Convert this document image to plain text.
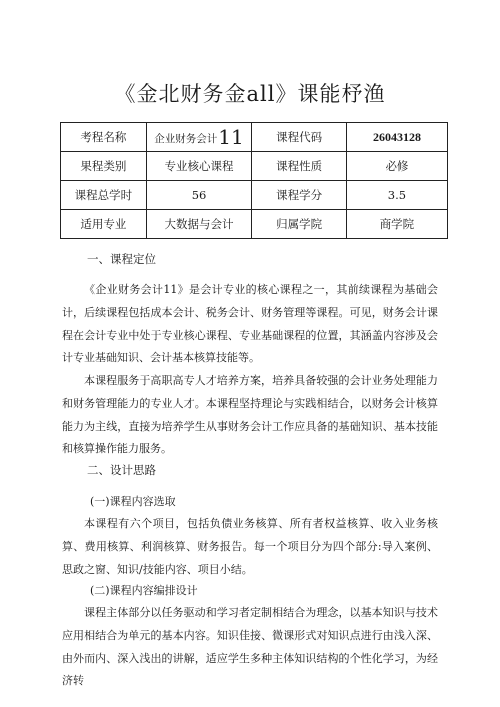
《金北财务金all》课能杼渔
考程名称	企业财务会计11	课程代码	26043128
果程类别	专业核心课程	课程性质	必修
课程总学时	56	课程学分	3.5
适用专业	大数据与会计	归属学院	商学院
一、课程定位

《企业财务会计11》是会计专业的核心课程之一，其前续课程为基础会计，后续课程包括成本会计、税务会计、财务管理等课程。可见，财务会计课程在会计专业中处于专业核心课程、专业基础课程的位置，其涵盖内容涉及会计专业基础知识、会计基本核算技能等。

本课程服务于高职高专人才培养方案，培养具备较强的会计业务处理能力和财务管理能力的专业人才。本课程坚持理论与实践相结合，以财务会计核算能力为主线，直接为培养学生从事财务会计工作应具备的基础知识、基本技能和核算操作能力服务。

二、设计思路
(一)课程内容选取

本课程有六个项目，包括负债业务核算、所有者权益核算、收入业务核算、费用核算、利润核算、财务报告。每一个项目分为四个部分:导入案例、思政之窗、知识/技能内容、项目小结。

(二)课程内容编排设计

课程主体部分以任务驱动和学习者定制相结合为理念，以基本知识与技术应用相结合为单元的基本内容。知识佳接、微课形式对知识点进行由浅入深、由外而内、深入浅出的讲解，适应学生多种主体知识结构的个性化学习，为经济转
